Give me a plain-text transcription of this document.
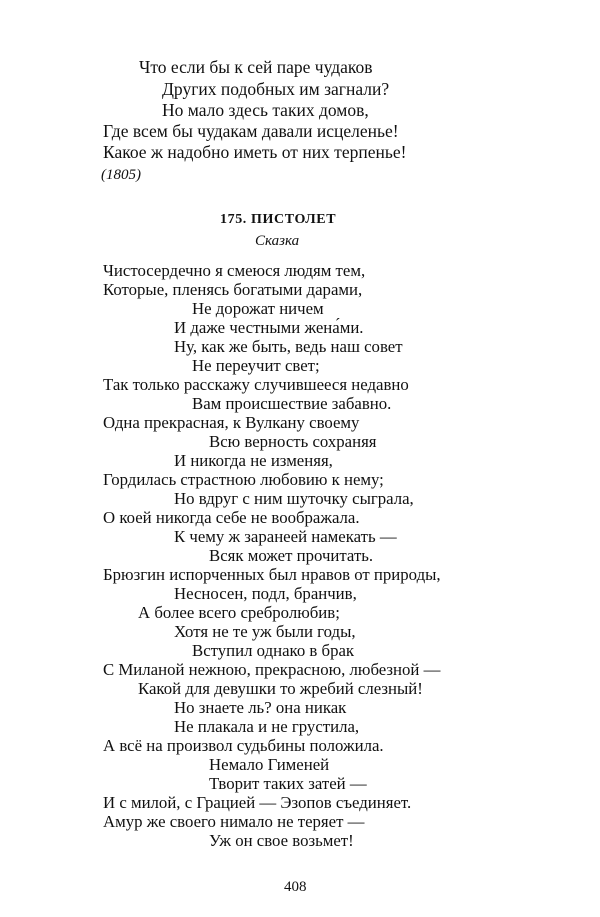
Что если бы к сей паре чудаков
Других подобных им загнали?
Но мало здесь таких домов,
Где всем бы чудакам давали исцеленье!
Какое ж надобно иметь от них терпенье!
(1805)
175. ПИСТОЛЕТ
Сказка
Чистосердечно я смеюся людям тем,
Которые, пленясь богатыми дарами,
Не дорожат ничем
И даже честными жена́ми.
Ну, как же быть, ведь наш совет
Не переучит свет;
Так только расскажу случившееся недавно
Вам происшествие забавно.
Одна прекрасная, к Вулкану своему
Всю верность сохраняя
И никогда не изменяя,
Гордилась страстною любовию к нему;
Но вдруг с ним шуточку сыграла,
О коей никогда себе не воображала.
К чему ж заранеей намекать —
Всяк может прочитать.
Брюзгин испорченных был нравов от природы,
Несносен, подл, бранчив,
А более всего сребролюбив;
Хотя не те уж были годы,
Вступил однако в брак
С Миланой нежною, прекрасною, любезной —
Какой для девушки то жребий слезный!
Но знаете ль? она никак
Не плакала и не грустила,
А всё на произвол судьбины положила.
Немало Гименей
Творит таких затей —
И с милой, с Грацией — Эзопов съединяет.
Амур же своего нимало не теряет —
Уж он свое возьмет!
408
